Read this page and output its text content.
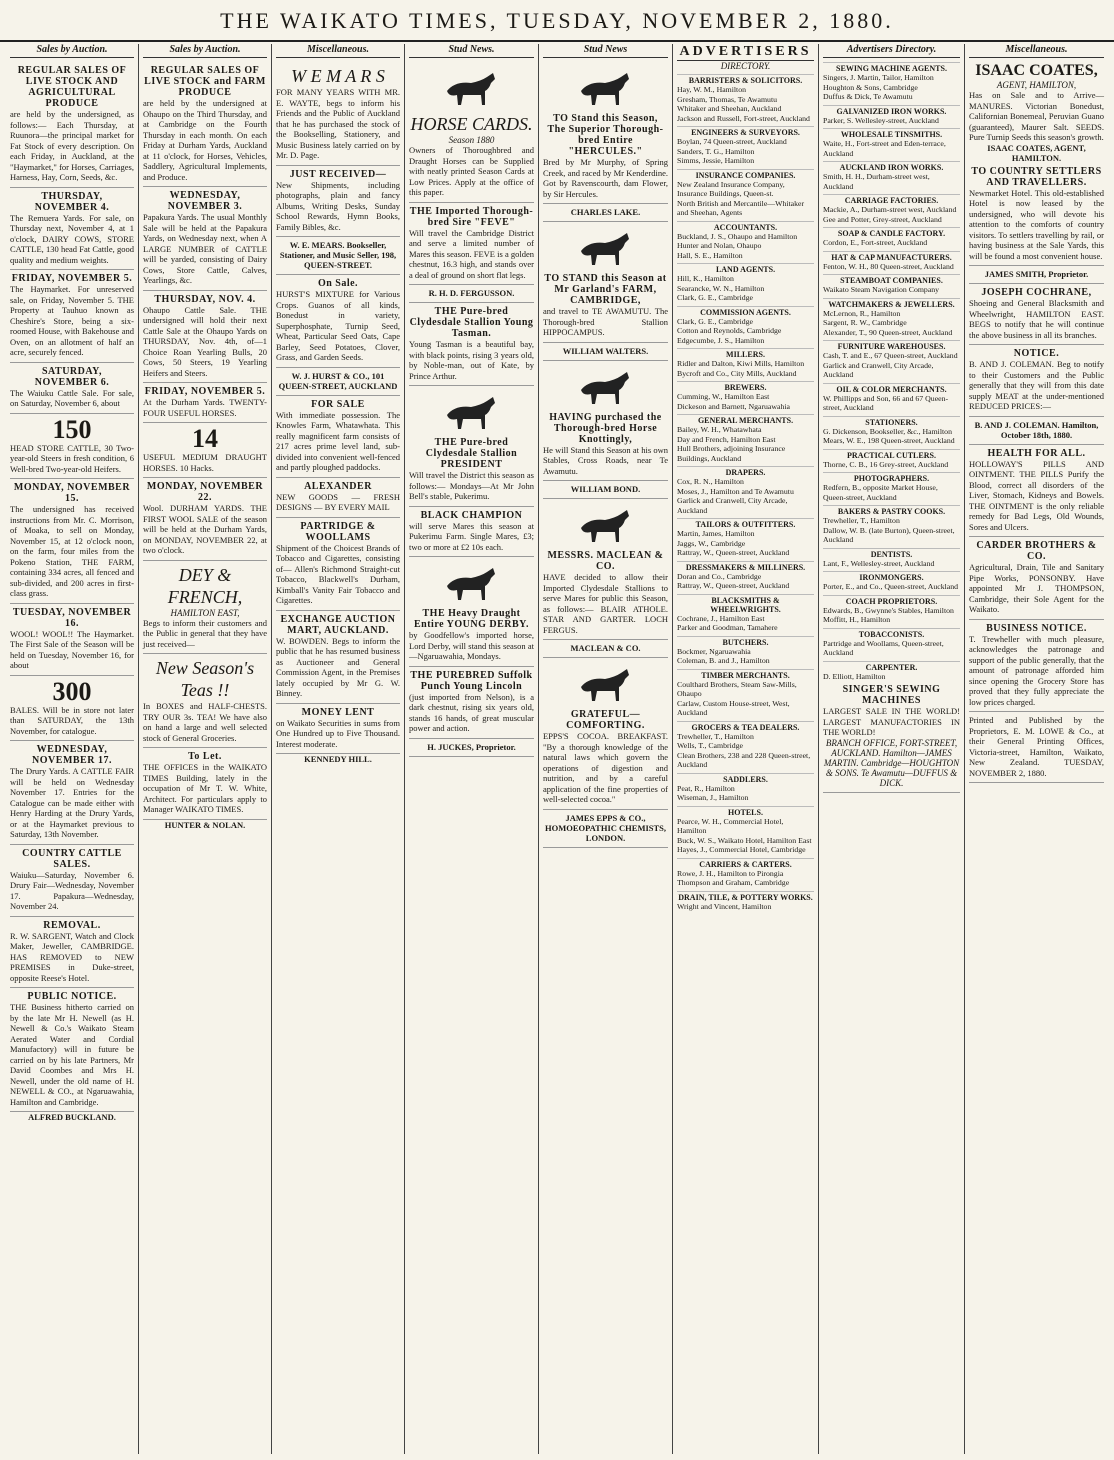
THE WAIKATO TIMES, TUESDAY, NOVEMBER 2, 1880.
Sales by Auction.
REGULAR SALES OF LIVE STOCK AND AGRICULTURAL PRODUCE
are held by the undersigned, as follows:— Each Thursday, at Ruunora—the principal market for Fat Stock of every description. On each Friday, in Auckland, at the "Haymarket," for Horses, Carriages, Harness, Hay, Corn, Seeds, &c.
THURSDAY, NOVEMBER 4.
The Remuera Yards. For sale, on Thursday next, November 4, at 1 o'clock, DAIRY COWS, STORE CATTLE, 130 head Fat Cattle, good quality and medium weights.
FRIDAY, NOVEMBER 5.
The Haymarket. For unreserved sale, on Friday, November 5. THE Property at Tauhuo known as Cheshire's Store, being a six-roomed House, with Bakehouse and Oven, on an allotment of half an acre, securely fenced.
SATURDAY, NOVEMBER 6.
The Waiuku Cattle Sale. For sale, on Saturday, November 6, about
150
HEAD STORE CATTLE, 30 Two-year-old Steers in fresh condition, 6 Well-bred Two-year-old Heifers.
MONDAY, NOVEMBER 15.
The undersigned has received instructions from Mr. C. Morrison, of Moaka, to sell on Monday, November 15, at 12 o'clock noon, on the farm, four miles from the Pokeno Station, THE FARM, containing 334 acres, all fenced and sub-divided, and 200 acres in first-class grass.
TUESDAY, NOVEMBER 16.
WOOL! WOOL!! The Haymarket. The First Sale of the Season will be held on Tuesday, November 16, for about
300
BALES. Will be in store not later than SATURDAY, the 13th November, for catalogue.
WEDNESDAY, NOVEMBER 17.
The Drury Yards. A CATTLE FAIR will be held on Wednesday November 17. Entries for the Catalogue can be made either with Henry Harding at the Drury Yards, or at the Haymarket previous to Saturday, 13th November.
COUNTRY CATTLE SALES.
Waiuku—Saturday, November 6. Drury Fair—Wednesday, November 17. Papakura—Wednesday, November 24.
REMOVAL.
R. W. SARGENT, Watch and Clock Maker, Jeweller, CAMBRIDGE. HAS REMOVED to NEW PREMISES in Duke-street, opposite Reese's Hotel.
PUBLIC NOTICE.
THE Business hitherto carried on by the late Mr H. Newell (as H. Newell & Co.'s Waikato Steam Aerated Water and Cordial Manufactory) will in future be carried on by his late Partners, Mr David Coombes and Mrs H. Newell, under the old name of H. NEWELL & CO., at Ngaruawahia, Hamilton and Cambridge.
ALFRED BUCKLAND.
Sales by Auction.
REGULAR SALES OF LIVE STOCK and FARM PRODUCE
are held by the undersigned at Ohaupo on the Third Thursday, and at Cambridge on the Fourth Thursday in each month. On each Friday at Durham Yards, Auckland at 11 o'clock, for Horses, Vehicles, Saddlery, Agricultural Implements, and Produce.
WEDNESDAY, NOVEMBER 3.
Papakura Yards. The usual Monthly Sale will be held at the Papakura Yards, on Wednesday next, when A LARGE NUMBER of CATTLE will be yarded, consisting of Dairy Cows, Store Cattle, Calves, Yearlings, &c.
THURSDAY, NOV. 4.
Ohaupo Cattle Sale. THE undersigned will hold their next Cattle Sale at the Ohaupo Yards on THURSDAY, Nov. 4th, of—1 Choice Roan Yearling Bulls, 20 Cows, 50 Steers, 19 Yearling Heifers and Steers.
FRIDAY, NOVEMBER 5.
At the Durham Yards. TWENTY-FOUR USEFUL HORSES.
14
USEFUL MEDIUM DRAUGHT HORSES. 10 Hacks.
MONDAY, NOVEMBER 22.
Wool. DURHAM YARDS. THE FIRST WOOL SALE of the season will be held at the Durham Yards, on MONDAY, NOVEMBER 22, at two o'clock.
DEY & FRENCH,
HAMILTON EAST,
Begs to inform their customers and the Public in general that they have just received—
New Season's Teas !!
In BOXES and HALF-CHESTS. TRY OUR 3s. TEA! We have also on hand a large and well selected stock of General Groceries.
To Let.
THE OFFICES in the WAIKATO TIMES Building, lately in the occupation of Mr T. W. White, Architect. For particulars apply to Manager WAIKATO TIMES.
HUNTER & NOLAN.
Miscellaneous.
W E M A R S
FOR MANY YEARS WITH MR. E. WAYTE, begs to inform his Friends and the Public of Auckland that he has purchased the stock of the Bookselling, Stationery, and Music Business lately carried on by Mr. D. Page.
JUST RECEIVED—
New Shipments, including photographs, plain and fancy Albums, Writing Desks, Sunday School Rewards, Hymn Books, Family Bibles, &c.
W. E. MEARS. Bookseller, Stationer, and Music Seller, 198, QUEEN-STREET.
On Sale.
HURST'S MIXTURE for Various Crops. Guanos of all kinds, Bonedust in variety, Superphosphate, Turnip Seed, Wheat, Particular Seed Oats, Cape Barley, Seed Potatoes, Clover, Grass, and Garden Seeds.
W. J. HURST & CO., 101 QUEEN-STREET, AUCKLAND
FOR SALE
With immediate possession. The Knowles Farm, Whatawhata. This really magnificent farm consists of 217 acres prime level land, sub-divided into convenient well-fenced and partly ploughed paddocks.
ALEXANDER
NEW GOODS — FRESH DESIGNS — BY EVERY MAIL
PARTRIDGE & WOOLLAMS
Shipment of the Choicest Brands of Tobacco and Cigarettes, consisting of— Allen's Richmond Straight-cut Tobacco, Blackwell's Durham, Kimball's Vanity Fair Tobacco and Cigarettes.
EXCHANGE AUCTION MART, AUCKLAND.
W. BOWDEN. Begs to inform the public that he has resumed business as Auctioneer and General Commission Agent, in the Premises lately occupied by Mr G. W. Binney.
MONEY LENT
on Waikato Securities in sums from One Hundred up to Five Thousand. Interest moderate.
KENNEDY HILL.
Stud News.
HORSE CARDS.
Season 1880
Owners of Thoroughbred and Draught Horses can be Supplied with neatly printed Season Cards at Low Prices. Apply at the office of this paper.
THE Imported Thorough-bred Sire "FEVE"
Will travel the Cambridge District and serve a limited number of Mares this season. FEVE is a golden chestnut, 16.3 high, and stands over a deal of ground on short flat legs.
R. H. D. FERGUSSON.
THE Pure-bred Clydesdale Stallion Young Tasman.
Young Tasman is a beautiful bay, with black points, rising 3 years old, by Noble-man, out of Kate, by Prince Arthur.
THE Pure-bred Clydesdale Stallion PRESIDENT
Will travel the District this season as follows:— Mondays—At Mr John Bell's stable, Pukerimu.
BLACK CHAMPION
will serve Mares this season at Pukerimu Farm. Single Mares, £3; two or more at £2 10s each.
THE Heavy Draught Entire YOUNG DERBY.
by Goodfellow's imported horse, Lord Derby, will stand this season at—Ngaruawahia, Mondays.
THE PUREBRED Suffolk Punch Young Lincoln
(just imported from Nelson), is a dark chestnut, rising six years old, stands 16 hands, of great muscular power and action.
H. JUCKES, Proprietor.
Stud News
TO Stand this Season, The Superior Thorough-bred Entire "HERCULES."
Bred by Mr Murphy, of Spring Creek, and raced by Mr Kenderdine. Got by Ravenscourth, dam Flower, by Sir Hercules.
CHARLES LAKE.
TO STAND this Season at Mr Garland's FARM, CAMBRIDGE,
and travel to TE AWAMUTU. The Thorough-bred Stallion HIPPOCAMPUS.
WILLIAM WALTERS.
HAVING purchased the Thorough-bred Horse Knottingly,
He will Stand this Season at his own Stables, Cross Roads, near Te Awamutu.
WILLIAM BOND.
MESSRS. MACLEAN & CO.
HAVE decided to allow their Imported Clydesdale Stallions to serve Mares for public this Season, as follows:— BLAIR ATHOLE. STAR AND GARTER. LOCH FERGUS.
MACLEAN & CO.
GRATEFUL—COMFORTING.
EPPS'S COCOA. BREAKFAST. "By a thorough knowledge of the natural laws which govern the operations of digestion and nutrition, and by a careful application of the fine properties of well-selected cocoa."
JAMES EPPS & CO., HOMOEOPATHIC CHEMISTS, LONDON.
ADVERTISERS
DIRECTORY.
BARRISTERS & SOLICITORS.
Hay, W. M., Hamilton
Gresham, Thomas, Te Awamutu
Whitaker and Sheehan, Auckland
Jackson and Russell, Fort-street, Auckland
ENGINEERS & SURVEYORS.
Boylan, 74 Queen-street, Auckland
Sanders, T. G., Hamilton
Simms, Jessie, Hamilton
INSURANCE COMPANIES.
New Zealand Insurance Company, Insurance Buildings, Queen-st.
North British and Mercantile—Whitaker and Sheehan, Agents
ACCOUNTANTS.
Buckland, J. S., Ohaupo and Hamilton
Hunter and Nolan, Ohaupo
Hall, S. E., Hamilton
LAND AGENTS.
Hill, K., Hamilton
Searancke, W. N., Hamilton
Clark, G. E., Cambridge
COMMISSION AGENTS.
Clark, G. E., Cambridge
Cotton and Reynolds, Cambridge
Edgecumbe, J. S., Hamilton
MILLERS.
Ridler and Dalton, Kiwi Mills, Hamilton
Bycroft and Co., City Mills, Auckland
BREWERS.
Cumming, W., Hamilton East
Dickeson and Barnett, Ngaruawahia
GENERAL MERCHANTS.
Bailey, W. H., Whatawhata
Day and French, Hamilton East
Hull Brothers, adjoining Insurance Buildings, Auckland
DRAPERS.
Cox, R. N., Hamilton
Moses, J., Hamilton and Te Awamutu
Garlick and Cranwell, City Arcade, Auckland
TAILORS & OUTFITTERS.
Martin, James, Hamilton
Jaggs, W., Cambridge
Rattray, W., Queen-street, Auckland
DRESSMAKERS & MILLINERS.
Doran and Co., Cambridge
Rattray, W., Queen-street, Auckland
BLACKSMITHS & WHEELWRIGHTS.
Cochrane, J., Hamilton East
Parker and Goodman, Tamahere
BUTCHERS.
Bockmer, Ngaruawahia
Coleman, B. and J., Hamilton
TIMBER MERCHANTS.
Coulthard Brothers, Steam Saw-Mills, Ohaupo
Carlaw, Custom House-street, West, Auckland
GROCERS & TEA DEALERS.
Trewheller, T., Hamilton
Wells, T., Cambridge
Clean Brothers, 238 and 228 Queen-street, Auckland
SADDLERS.
Peat, R., Hamilton
Wiseman, J., Hamilton
HOTELS.
Pearce, W. H., Commercial Hotel, Hamilton
Buck, W. S., Waikato Hotel, Hamilton East
Hayes, J., Commercial Hotel, Cambridge
CARRIERS & CARTERS.
Rowe, J. H., Hamilton to Pirongia
Thompson and Graham, Cambridge
DRAIN, TILE, & POTTERY WORKS.
Wright and Vincent, Hamilton
Advertisers Directory.
SEWING MACHINE AGENTS.
Singers, J. Martin, Tailor, Hamilton
Houghton & Sons, Cambridge
Duffus & Dick, Te Awamutu
GALVANIZED IRON WORKS.
Parker, S. Wellesley-street, Auckland
WHOLESALE TINSMITHS.
Waite, H., Fort-street and Eden-terrace, Auckland
AUCKLAND IRON WORKS.
Smith, H. H., Durham-street west, Auckland
CARRIAGE FACTORIES.
Mackie, A., Durham-street west, Auckland
Gee and Potter, Grey-street, Auckland
SOAP & CANDLE FACTORY.
Cordon, E., Fort-street, Auckland
HAT & CAP MANUFACTURERS.
Fenton, W. H., 80 Queen-street, Auckland
STEAMBOAT COMPANIES.
Waikato Steam Navigation Company
WATCHMAKERS & JEWELLERS.
McLernon, R., Hamilton
Sargent, R. W., Cambridge
Alexander, T., 90 Queen-street, Auckland
FURNITURE WAREHOUSES.
Cash, T. and E., 67 Queen-street, Auckland
Garlick and Cranwell, City Arcade, Auckland
OIL & COLOR MERCHANTS.
W. Phillipps and Son, 66 and 67 Queen-street, Auckland
STATIONERS.
G. Dickenson, Bookseller, &c., Hamilton
Mears, W. E., 198 Queen-street, Auckland
PRACTICAL CUTLERS.
Thorne, C. B., 16 Grey-street, Auckland
PHOTOGRAPHERS.
Redfern, B., opposite Market House, Queen-street, Auckland
BAKERS & PASTRY COOKS.
Trewheller, T., Hamilton
Dallow, W. B. (late Burton), Queen-street, Auckland
DENTISTS.
Lant, F., Wellesley-street, Auckland
IRONMONGERS.
Porter, E., and Co., Queen-street, Auckland
COACH PROPRIETORS.
Edwards, B., Gwynne's Stables, Hamilton
Moffitt, H., Hamilton
TOBACCONISTS.
Partridge and Woollams, Queen-street, Auckland
CARPENTER.
D. Elliott, Hamilton
SINGER'S SEWING MACHINES
LARGEST SALE IN THE WORLD! LARGEST MANUFACTORIES IN THE WORLD!
BRANCH OFFICE, FORT-STREET, AUCKLAND. Hamilton—JAMES MARTIN. Cambridge—HOUGHTON & SONS. Te Awamutu—DUFFUS & DICK.
Miscellaneous.
ISAAC COATES,
AGENT, HAMILTON,
Has on Sale and to Arrive— MANURES. Victorian Bonedust, Californian Bonemeal, Peruvian Guano (guaranteed), Maurer Salt. SEEDS. Pure Turnip Seeds this season's growth.
ISAAC COATES, AGENT, HAMILTON.
TO COUNTRY SETTLERS AND TRAVELLERS.
Newmarket Hotel. This old-established Hotel is now leased by the undersigned, who will devote his attention to the comforts of country visitors. To settlers travelling by rail, or having business at the Sale Yards, this will be found a most convenient house.
JAMES SMITH, Proprietor.
JOSEPH COCHRANE,
Shoeing and General Blacksmith and Wheelwright, HAMILTON EAST. BEGS to notify that he will continue the above business in all its branches.
NOTICE.
B. AND J. COLEMAN. Beg to notify to their Customers and the Public generally that they will from this date supply MEAT at the under-mentioned REDUCED PRICES:—
B. AND J. COLEMAN. Hamilton, October 18th, 1880.
HEALTH FOR ALL.
HOLLOWAY'S PILLS AND OINTMENT. THE PILLS Purify the Blood, correct all disorders of the Liver, Stomach, Kidneys and Bowels. THE OINTMENT is the only reliable remedy for Bad Legs, Old Wounds, Sores and Ulcers.
CARDER BROTHERS & CO.
Agricultural, Drain, Tile and Sanitary Pipe Works, PONSONBY. Have appointed Mr J. THOMPSON, Cambridge, their Sole Agent for the Waikato.
BUSINESS NOTICE.
T. Trewheller with much pleasure, acknowledges the patronage and support of the public generally, that the amount of patronage afforded him since opening the Grocery Store has proved that they fully appreciate the low prices charged.
Printed and Published by the Proprietors, E. M. LOWE & Co., at their General Printing Offices, Victoria-street, Hamilton, Waikato, New Zealand. TUESDAY, NOVEMBER 2, 1880.
